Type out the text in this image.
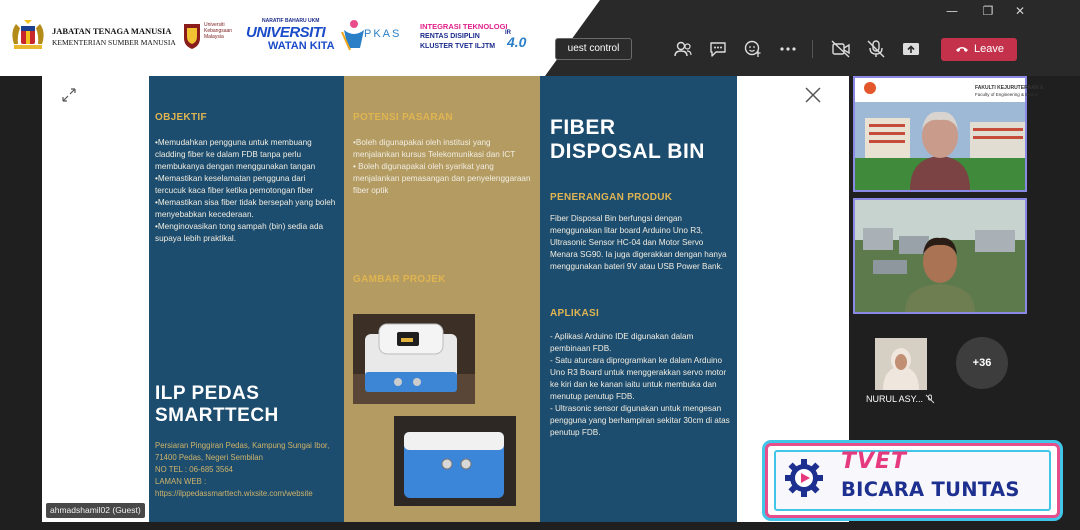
—	❐	✕
JABATAN TENAGA MANUSIA
KEMENTERIAN SUMBER MANUSIA
Universiti Kebangsaan Malaysia
NARATIF BAHARU UKM
UNIVERSITI
WATAN KITA
PKAS
INTEGRASI TEKNOLOGI
RENTAS DISIPLIN
KLUSTER TVET ILJTM
IR
4.0	uest control	Leave
OBJEKTIF
•Memudahkan pengguna untuk membuang cladding fiber ke dalam FDB tanpa perlu membukanya dengan menggunakan tangan
•Memastikan keselamatan pengguna dari tercucuk kaca fiber ketika pemotongan fiber
•Memastikan sisa fiber tidak bersepah yang boleh menyebabkan kecederaan.
•Menginovasikan tong sampah (bin) sedia ada supaya lebih praktikal.
ILP PEDAS
SMARTTECH
Persiaran Pinggiran Pedas, Kampung Sungai Ibor, 71400 Pedas, Negeri Sembilan
NO TEL : 06-685 3564
LAMAN WEB :
https://ilppedassmarttech.wixsite.com/website
POTENSI PASARAN
•Boleh digunapakai oleh institusi yang menjalankan kursus Telekomunikasi dan ICT
• Boleh digunapakai oleh syarikat yang menjalankan pemasangan dan penyelenggaraan fiber optik
GAMBAR PROJEK
FIBER
DISPOSAL BIN
PENERANGAN PRODUK
Fiber Disposal Bin berfungsi dengan menggunakan litar board Arduino Uno R3, Ultrasonic Sensor HC-04 dan Motor Servo Menara SG90. Ia juga digerakkan dengan hanya menggunakan bateri 9V atau USB Power Bank.
APLIKASI
- Aplikasi Arduino IDE digunakan dalam pembinaan FDB.
- Satu aturcara diprogramkan ke dalam Arduino Uno R3 Board untuk menggerakkan servo motor ke kiri dan ke kanan iaitu untuk membuka dan menutup penutup FDB.
- Ultrasonic sensor digunakan untuk mengesan pengguna yang berhampiran sekitar 30cm di atas penutup FDB.
ahmadshamil02 (Guest)
FAKULTI KEJURUTERAAN &
Faculty of Engineering & Built E
NURUL ASY...
+36
TVET
BICARA TUNTAS
